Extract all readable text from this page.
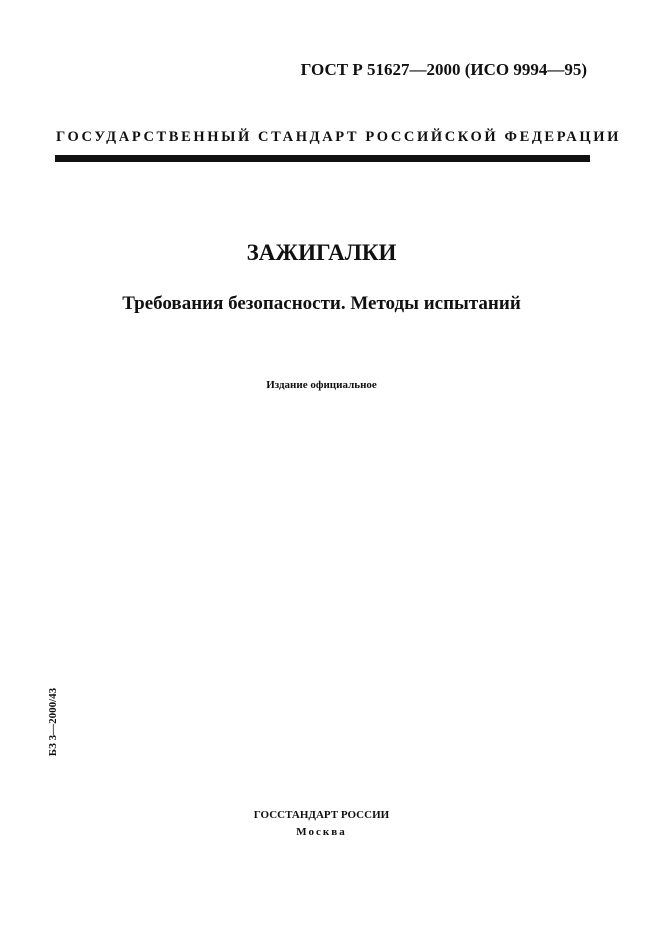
ГОСТ Р 51627—2000 (ИСО 9994—95)
ГОСУДАРСТВЕННЫЙ СТАНДАРТ РОССИЙСКОЙ ФЕДЕРАЦИИ
ЗАЖИГАЛКИ
Требования безопасности. Методы испытаний
Издание официальное
БЗ 3—2000/43
ГОССТАНДАРТ РОССИИ
Москва
